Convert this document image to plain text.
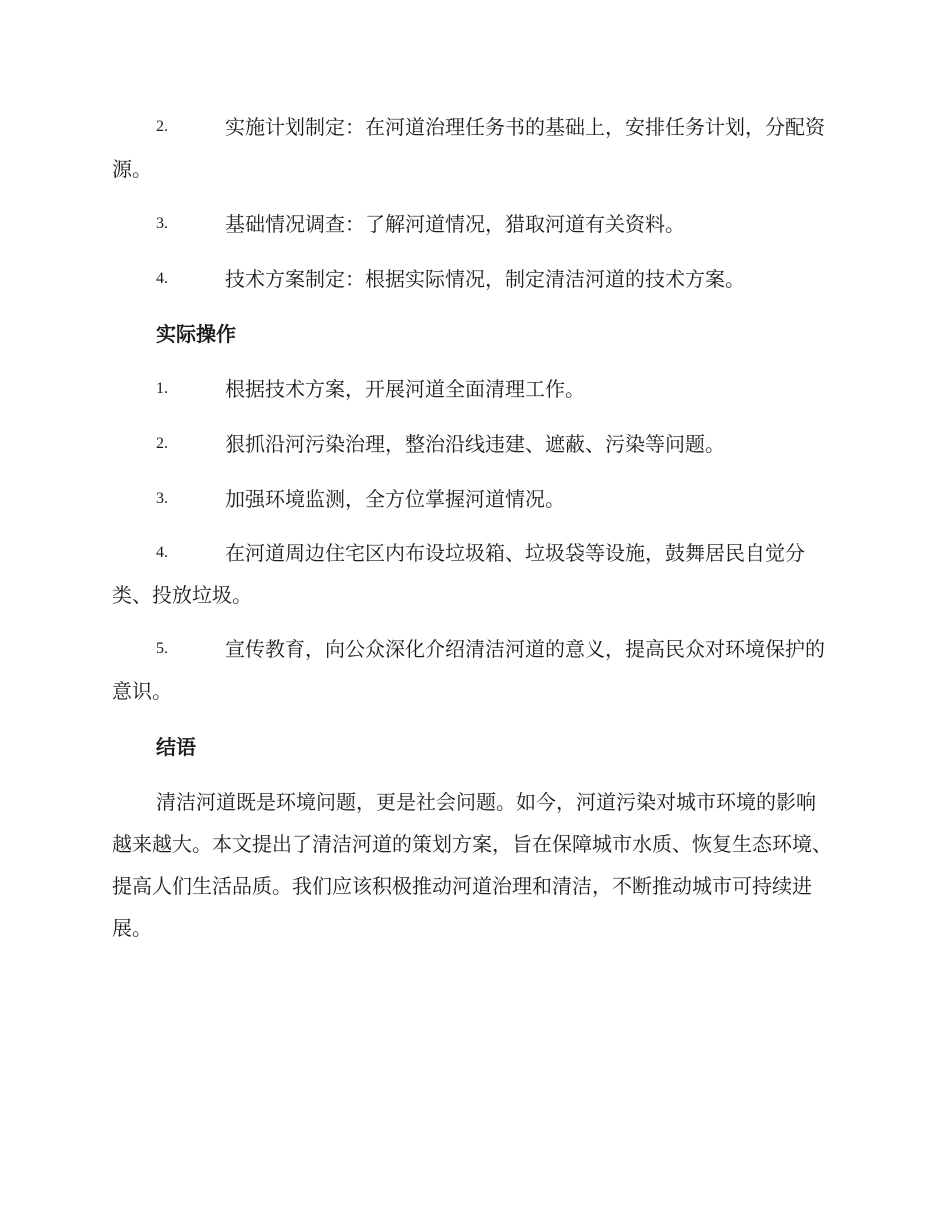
2.	实施计划制定：在河道治理任务书的基础上，安排任务计划，分配资源。
3.	基础情况调查：了解河道情况，猎取河道有关资料。
4.	技术方案制定：根据实际情况，制定清洁河道的技术方案。
实际操作
1.	根据技术方案，开展河道全面清理工作。
2.	狠抓沿河污染治理，整治沿线违建、遮蔽、污染等问题。
3.	加强环境监测，全方位掌握河道情况。
4.	在河道周边住宅区内布设垃圾箱、垃圾袋等设施，鼓舞居民自觉分类、投放垃圾。
5.	宣传教育，向公众深化介绍清洁河道的意义，提高民众对环境保护的意识。
结语
清洁河道既是环境问题，更是社会问题。如今，河道污染对城市环境的影响越来越大。本文提出了清洁河道的策划方案，旨在保障城市水质、恢复生态环境、提高人们生活品质。我们应该积极推动河道治理和清洁，不断推动城市可持续进展。
